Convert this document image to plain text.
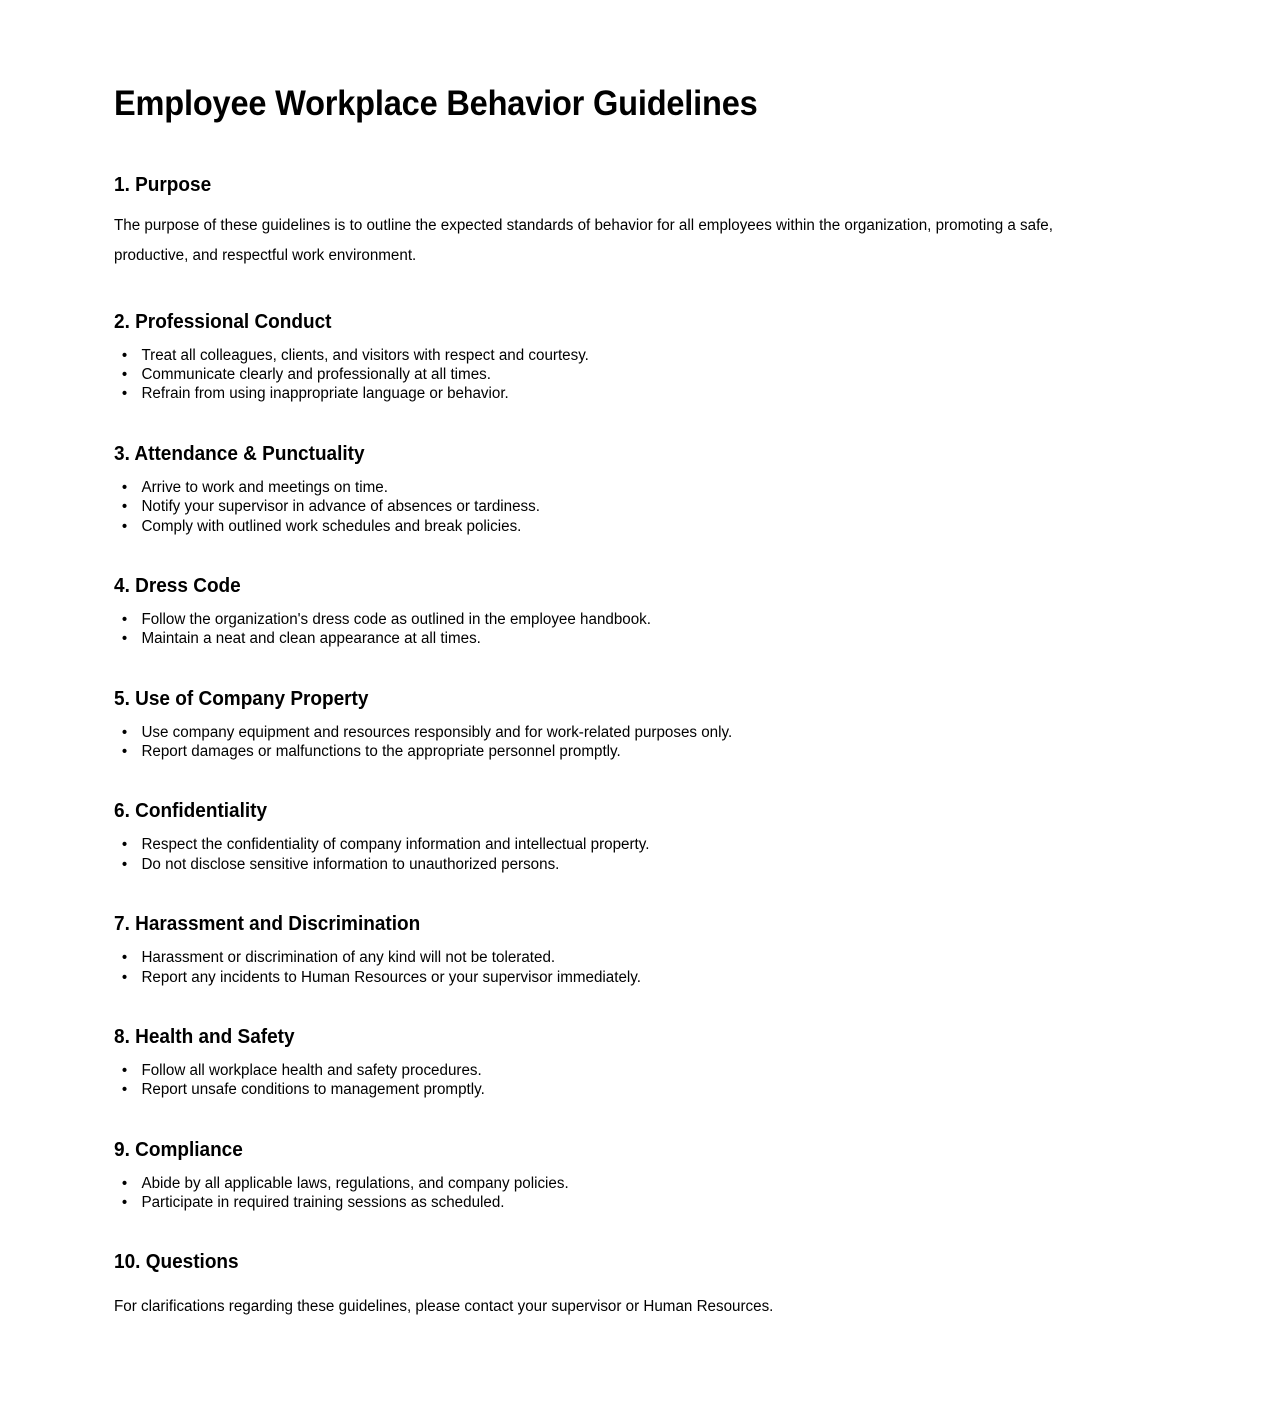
Employee Workplace Behavior Guidelines
1. Purpose

The purpose of these guidelines is to outline the expected standards of behavior for all employees within the organization, promoting a safe, productive, and respectful work environment.

2. Professional Conduct
• Treat all colleagues, clients, and visitors with respect and courtesy.
• Communicate clearly and professionally at all times.
• Refrain from using inappropriate language or behavior.
3. Attendance & Punctuality
• Arrive to work and meetings on time.
• Notify your supervisor in advance of absences or tardiness.
• Comply with outlined work schedules and break policies.
4. Dress Code
• Follow the organization's dress code as outlined in the employee handbook.
• Maintain a neat and clean appearance at all times.
5. Use of Company Property
• Use company equipment and resources responsibly and for work-related purposes only.
• Report damages or malfunctions to the appropriate personnel promptly.
6. Confidentiality
• Respect the confidentiality of company information and intellectual property.
• Do not disclose sensitive information to unauthorized persons.
7. Harassment and Discrimination
• Harassment or discrimination of any kind will not be tolerated.
• Report any incidents to Human Resources or your supervisor immediately.
8. Health and Safety
• Follow all workplace health and safety procedures.
• Report unsafe conditions to management promptly.
9. Compliance
• Abide by all applicable laws, regulations, and company policies.
• Participate in required training sessions as scheduled.
10. Questions

For clarifications regarding these guidelines, please contact your supervisor or Human Resources.
